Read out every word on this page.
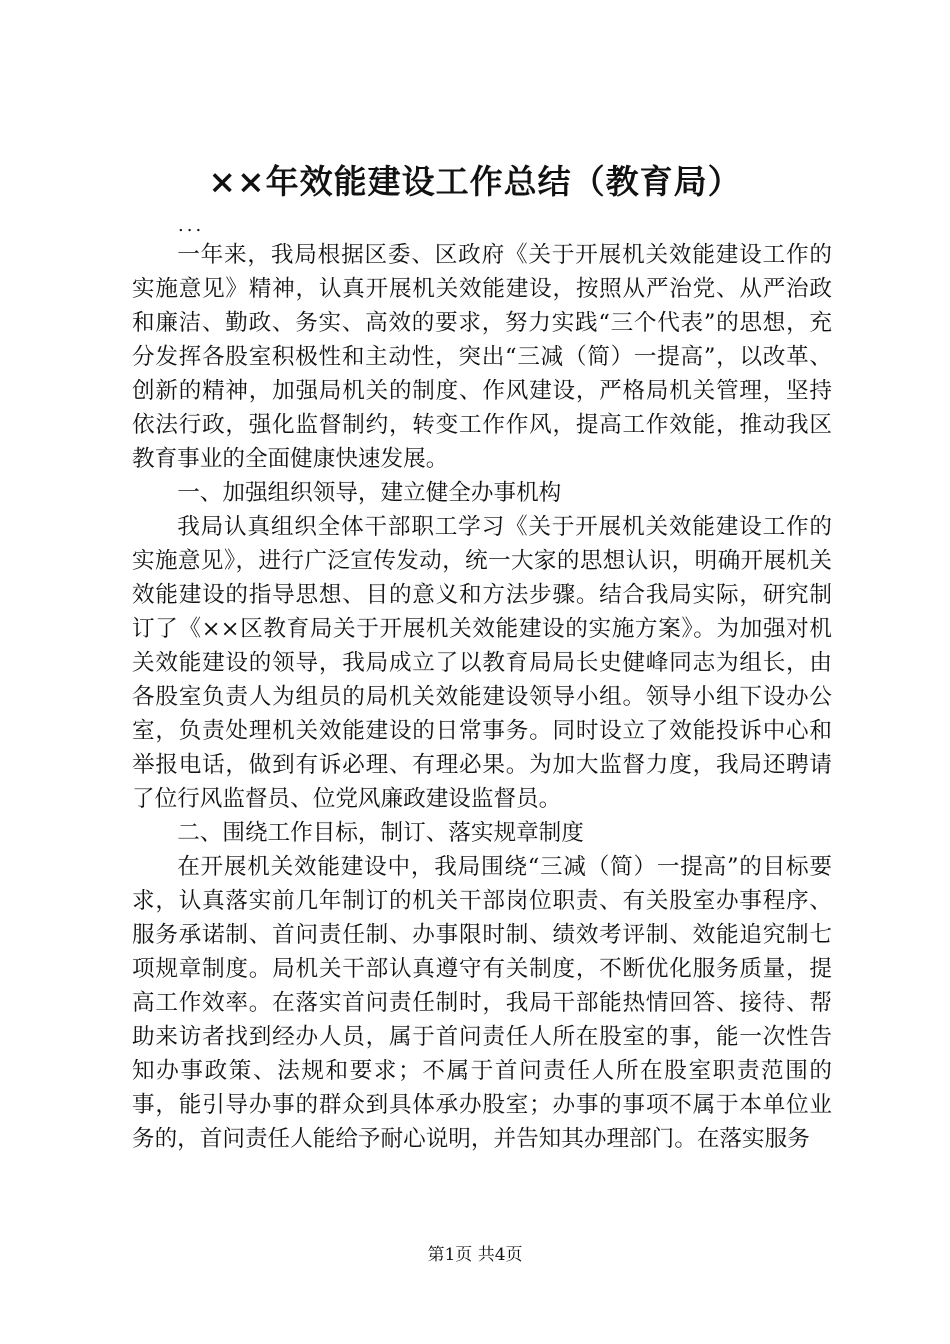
××年效能建设工作总结（教育局）
...

一年来，我局根据区委、区政府《关于开展机关效能建设工作的实施意见》精神，认真开展机关效能建设，按照从严治党、从严治政和廉洁、勤政、务实、高效的要求，努力实践“三个代表”的思想，充分发挥各股室积极性和主动性，突出“三减（简）一提高”，以改革、创新的精神，加强局机关的制度、作风建设，严格局机关管理，坚持依法行政，强化监督制约，转变工作作风，提高工作效能，推动我区教育事业的全面健康快速发展。

一、加强组织领导，建立健全办事机构

我局认真组织全体干部职工学习《关于开展机关效能建设工作的实施意见》，进行广泛宣传发动，统一大家的思想认识，明确开展机关效能建设的指导思想、目的意义和方法步骤。结合我局实际，研究制订了《××区教育局关于开展机关效能建设的实施方案》。为加强对机关效能建设的领导，我局成立了以教育局局长史健峰同志为组长，由各股室负责人为组员的局机关效能建设领导小组。领导小组下设办公室，负责处理机关效能建设的日常事务。同时设立了效能投诉中心和举报电话，做到有诉必理、有理必果。为加大监督力度，我局还聘请了位行风监督员、位党风廉政建设监督员。

二、围绕工作目标，制订、落实规章制度

在开展机关效能建设中，我局围绕“三减（简）一提高”的目标要求，认真落实前几年制订的机关干部岗位职责、有关股室办事程序、服务承诺制、首问责任制、办事限时制、绩效考评制、效能追究制七项规章制度。局机关干部认真遵守有关制度，不断优化服务质量，提高工作效率。在落实首问责任制时，我局干部能热情回答、接待、帮助来访者找到经办人员，属于首问责任人所在股室的事，能一次性告知办事政策、法规和要求；不属于首问责任人所在股室职责范围的事，能引导办事的群众到具体承办股室；办事的事项不属于本单位业务的，首问责任人能给予耐心说明，并告知其办理部门。在落实服务

第1页 共4页
